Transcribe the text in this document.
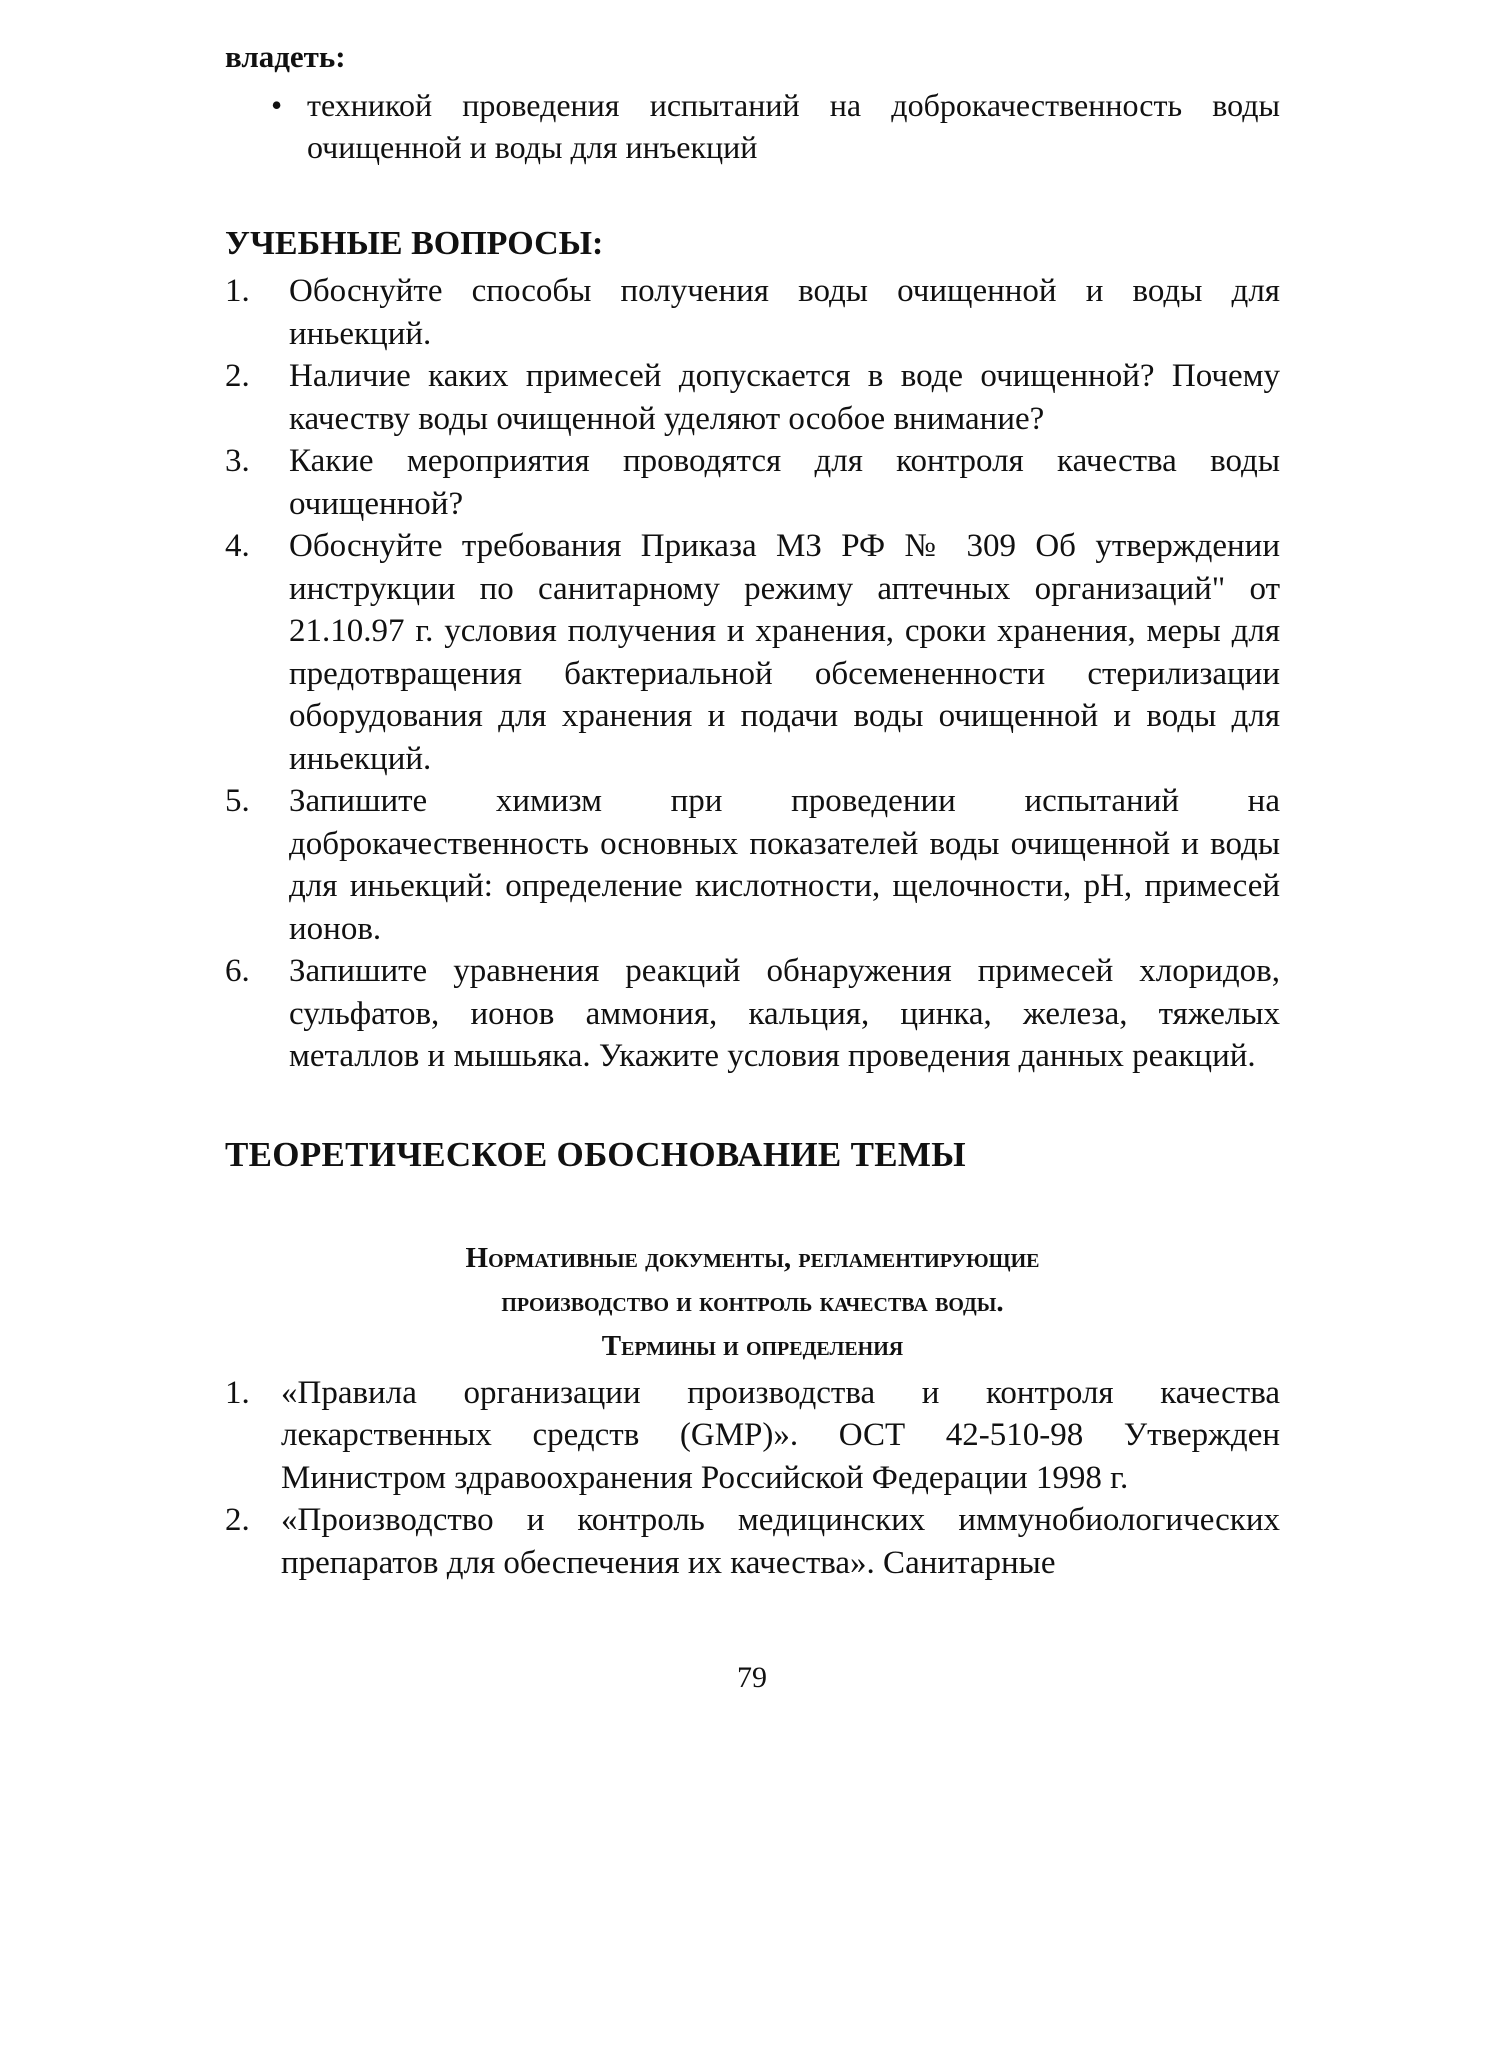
владеть:

• техникой проведения испытаний на доброкачественность воды очищенной и воды для инъекций
УЧЕБНЫЕ ВОПРОСЫ:
1. Обоснуйте способы получения воды очищенной и воды для иньекций.
2. Наличие каких примесей допускается в воде очищенной? Почему качеству воды очищенной уделяют особое внимание?
3. Какие мероприятия проводятся для контроля качества воды очищенной?
4. Обоснуйте требования Приказа МЗ РФ № 309 Об утверждении инструкции по санитарному режиму аптечных организаций" от 21.10.97 г. условия получения и хранения, сроки хранения, меры для предотвращения бактериальной обсемененности стерилизации оборудования для хранения и подачи воды очищенной и воды для иньекций.
5. Запишите химизм при проведении испытаний на доброкачественность основных показателей воды очищенной и воды для иньекций: определение кислотности, щелочности, рН, примесей ионов.
6. Запишите уравнения реакций обнаружения примесей хлоридов, сульфатов, ионов аммония, кальция, цинка, железа, тяжелых металлов и мышьяка. Укажите условия проведения данных реакций.
ТЕОРЕТИЧЕСКОЕ ОБОСНОВАНИЕ ТЕМЫ
Нормативные документы, регламентирующие
производство и контроль качества воды.
Термины и определения
1. «Правила организации производства и контроля качества лекарственных средств (GMP)». ОСТ 42-510-98 Утвержден Министром здравоохранения Российской Федерации 1998 г.
2. «Производство и контроль медицинских иммунобиологических препаратов для обеспечения их качества». Санитарные
79
